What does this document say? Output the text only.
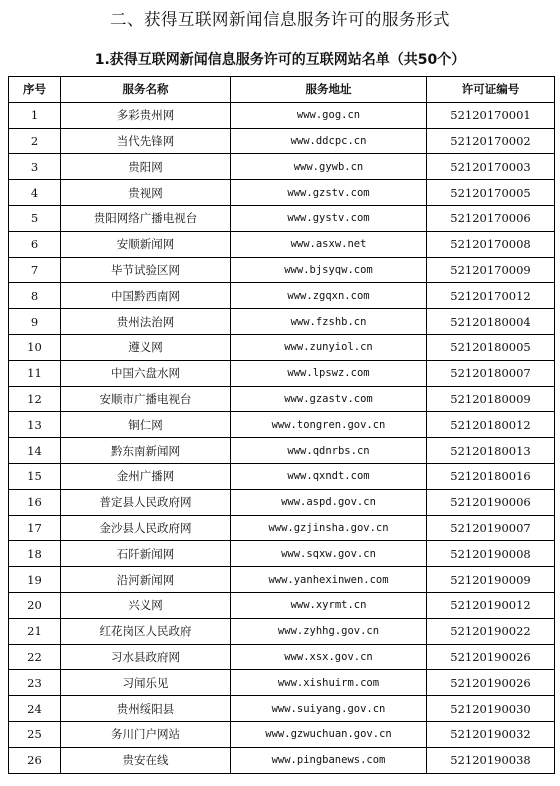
二、获得互联网新闻信息服务许可的服务形式
1.获得互联网新闻信息服务许可的互联网站名单（共50个）
序号	服务名称	服务地址	许可证编号
1	多彩贵州网	www.gog.cn	52120170001
2	当代先锋网	www.ddcpc.cn	52120170002
3	贵阳网	www.gywb.cn	52120170003
4	贵视网	www.gzstv.com	52120170005
5	贵阳网络广播电视台	www.gystv.com	52120170006
6	安顺新闻网	www.asxw.net	52120170008
7	毕节试验区网	www.bjsyqw.com	52120170009
8	中国黔西南网	www.zgqxn.com	52120170012
9	贵州法治网	www.fzshb.cn	52120180004
10	遵义网	www.zunyiol.cn	52120180005
11	中国六盘水网	www.lpswz.com	52120180007
12	安顺市广播电视台	www.gzastv.com	52120180009
13	铜仁网	www.tongren.gov.cn	52120180012
14	黔东南新闻网	www.qdnrbs.cn	52120180013
15	金州广播网	www.qxndt.com	52120180016
16	普定县人民政府网	www.aspd.gov.cn	52120190006
17	金沙县人民政府网	www.gzjinsha.gov.cn	52120190007
18	石阡新闻网	www.sqxw.gov.cn	52120190008
19	沿河新闻网	www.yanhexinwen.com	52120190009
20	兴义网	www.xyrmt.cn	52120190012
21	红花岗区人民政府	www.zyhhg.gov.cn	52120190022
22	习水县政府网	www.xsx.gov.cn	52120190026
23	习闻乐见	www.xishuirm.com	52120190026
24	贵州绥阳县	www.suiyang.gov.cn	52120190030
25	务川门户网站	www.gzwuchuan.gov.cn	52120190032
26	贵安在线	www.pingbanews.com	52120190038
